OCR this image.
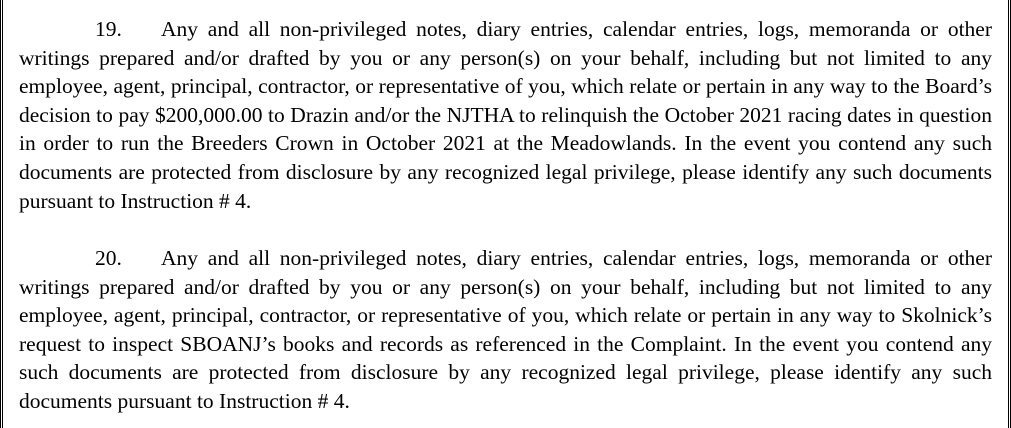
19. Any and all non-privileged notes, diary entries, calendar entries, logs, memoranda or other writings prepared and/or drafted by you or any person(s) on your behalf, including but not limited to any employee, agent, principal, contractor, or representative of you, which relate or pertain in any way to the Board’s decision to pay $200,000.00 to Drazin and/or the NJTHA to relinquish the October 2021 racing dates in question in order to run the Breeders Crown in October 2021 at the Meadowlands. In the event you contend any such documents are protected from disclosure by any recognized legal privilege, please identify any such documents pursuant to Instruction # 4.

20. Any and all non-privileged notes, diary entries, calendar entries, logs, memoranda or other writings prepared and/or drafted by you or any person(s) on your behalf, including but not limited to any employee, agent, principal, contractor, or representative of you, which relate or pertain in any way to Skolnick’s request to inspect SBOANJ’s books and records as referenced in the Complaint. In the event you contend any such documents are protected from disclosure by any recognized legal privilege, please identify any such documents pursuant to Instruction # 4.
